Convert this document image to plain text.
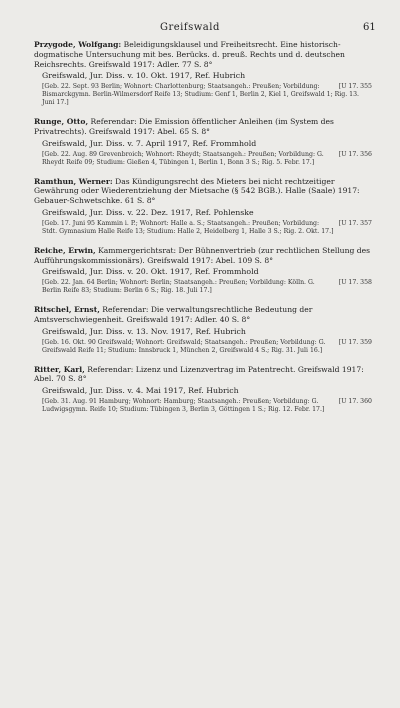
Greifswald	61

Przygode, Wolfgang: Beleidigungsklausel und Freiheitsrecht. Eine historisch-dogmatische Untersuchung mit bes. Berücks. d. preuß. Rechts und d. deutschen Reichsrechts. Greifswald 1917: Adler. 77 S. 8°

Greifswald, Jur. Diss. v. 10. Okt. 1917, Ref. Hubrich

[U 17. 355
[Geb. 22. Sept. 93 Berlin; Wohnort: Charlottenburg; Staatsangeh.: Preußen; Vorbildung: Bismarckgymn. Berlin-Wilmersdorf Reife 13; Studium: Genf 1, Berlin 2, Kiel 1, Greifswald 1; Rig. 13. Juni 17.]

Runge, Otto, Referendar: Die Emission öffentlicher Anleihen (im System des Privatrechts). Greifswald 1917: Abel. 65 S. 8°

Greifswald, Jur. Diss. v. 7. April 1917, Ref. Frommhold

[U 17. 356
[Geb. 22. Aug. 89 Grevenbroich; Wohnort: Rheydt; Staatsangeh.: Preußen; Vorbildung: G. Rheydt Reife 09; Studium: Gießen 4, Tübingen 1, Berlin 1, Bonn 3 S.; Rig. 5. Febr. 17.]

Ramthun, Werner: Das Kündigungsrecht des Mieters bei nicht rechtzeitiger Gewährung oder Wiederentziehung der Mietsache (§ 542 BGB.). Halle (Saale) 1917: Gebauer-Schwetschke. 61 S. 8°

Greifswald, Jur. Diss. v. 22. Dez. 1917, Ref. Pohlenske

[U 17. 357
[Geb. 17. Juni 95 Kammin i. P.; Wohnort: Halle a. S.; Staatsangeh.: Preußen; Vorbildung: Stdt. Gymnasium Halle Reife 13; Studium: Halle 2, Heidelberg 1, Halle 3 S.; Rig. 2. Okt. 17.]

Reiche, Erwin, Kammergerichtsrat: Der Bühnenvertrieb (zur rechtlichen Stellung des Aufführungskommissionärs). Greifswald 1917: Abel. 109 S. 8°

Greifswald, Jur. Diss. v. 20. Okt. 1917, Ref. Frommhold

[U 17. 358
[Geb. 22. Jan. 64 Berlin; Wohnort: Berlin; Staatsangeh.: Preußen; Vorbildung: Kölln. G. Berlin Reife 83; Studium: Berlin 6 S.; Rig. 18. Juli 17.]

Ritschel, Ernst, Referendar: Die verwaltungsrechtliche Bedeutung der Amtsverschwiegenheit. Greifswald 1917: Adler. 40 S. 8°

Greifswald, Jur. Diss. v. 13. Nov. 1917, Ref. Hubrich

[U 17. 359
[Geb. 16. Okt. 90 Greifswald; Wohnort: Greifswald; Staatsangeh.: Preußen; Vorbildung: G. Greifswald Reife 11; Studium: Innsbruck 1, München 2, Greifswald 4 S.; Rig. 31. Juli 16.]

Ritter, Karl, Referendar: Lizenz und Lizenzvertrag im Patentrecht. Greifswald 1917: Abel. 70 S. 8°

Greifswald, Jur. Diss. v. 4. Mai 1917, Ref. Hubrich

[U 17. 360
[Geb. 31. Aug. 91 Hamburg; Wohnort: Hamburg; Staatsangeh.: Preußen; Vorbildung: G. Ludwigsgymn. Reife 10; Studium: Tübingen 3, Berlin 3, Göttingen 1 S.; Rig. 12. Febr. 17.]
